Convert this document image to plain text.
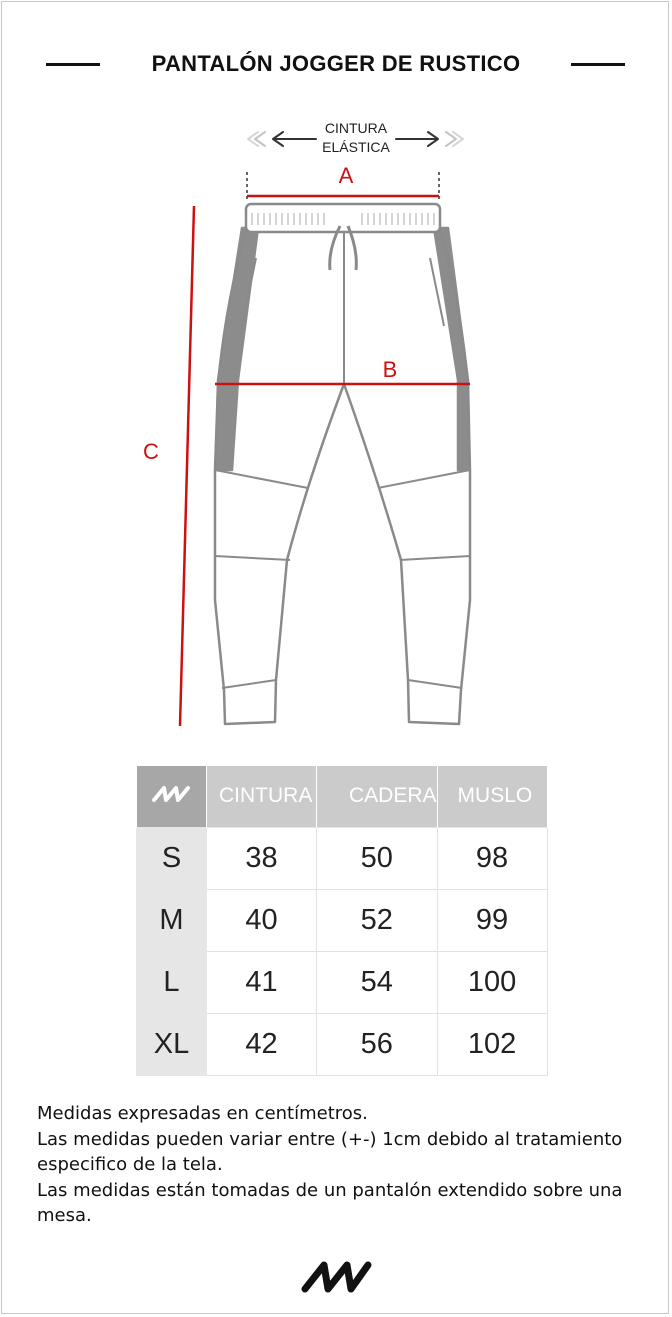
PANTALÓN JOGGER DE RUSTICO
CINTURA
ELÁSTICA
A
C
B
	CINTURA	CADERA	MUSLO
S	38	50	98
M	40	52	99
L	41	54	100
XL	42	56	102

Medidas expresadas en centímetros.

Las medidas pueden variar entre (+-) 1cm debido al tratamiento especifico de la tela.

Las medidas están tomadas de un pantalón extendido sobre una mesa.
